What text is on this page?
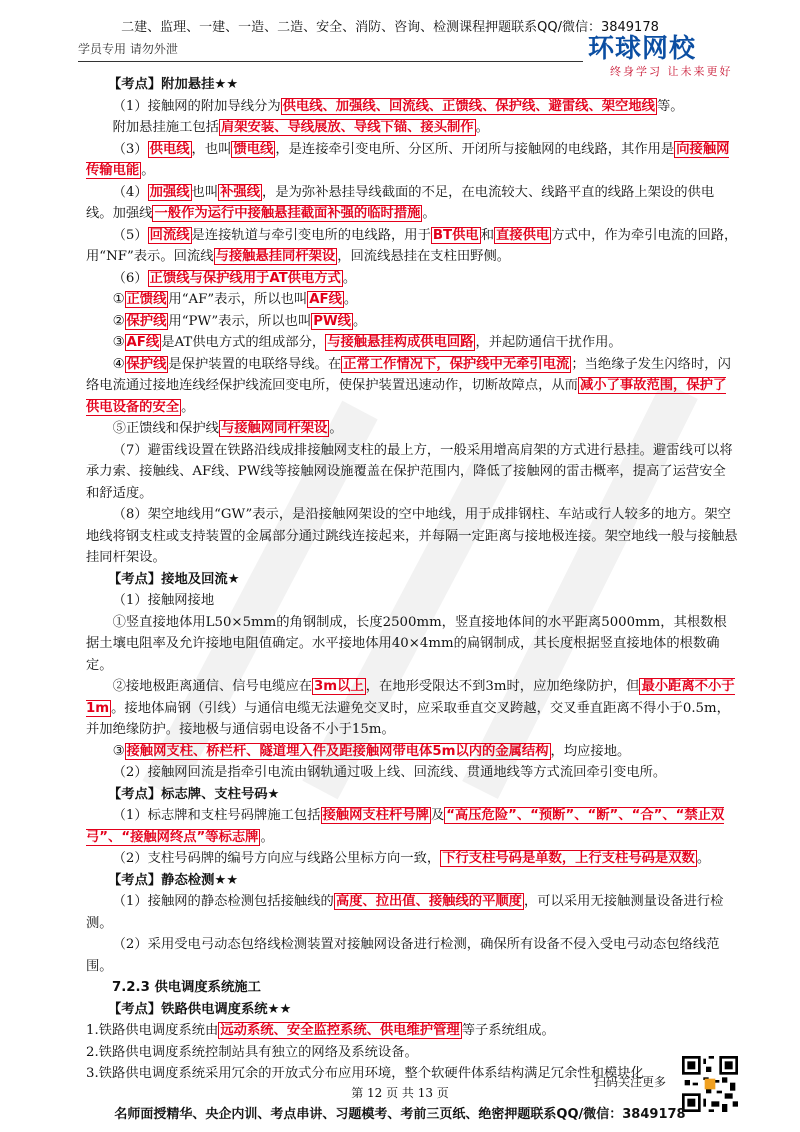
二建、监理、一建、一造、二造、安全、消防、咨询、检测课程押题联系QQ/微信：3849178
学员专用 请勿外泄	环球网校
终身学习 让未来更好

【考点】附加悬挂★★

（1）接触网的附加导线分为 供电线、加强线、回流线、正馈线、保护线、避雷线、架空地线 等。

附加悬挂施工包括 肩架安装、导线展放、导线下锚、接头制作 。

（3） 供电线 ，也叫 馈电线 ，是连接牵引变电所、分区所、开闭所与接触网的电线路，其作用是 向接触网传输电能 。

（4） 加强线 也叫 补强线 ，是为弥补悬挂导线截面的不足，在电流较大、线路平直的线路上架设的供电线。加强线 一般作为运行中接触悬挂截面补强的临时措施 。

（5） 回流线 是连接轨道与牵引变电所的电线路，用于 BT供电 和 直接供电 方式中，作为牵引电流的回路，用“NF”表示。回流线 与接触悬挂同杆架设 ，回流线悬挂在支柱田野侧。

（6） 正馈线与保护线用于AT供电方式 。

① 正馈线 用“AF”表示，所以也叫 AF线 。

② 保护线 用“PW”表示，所以也叫 PW线 。

③ AF线 是AT供电方式的组成部分， 与接触悬挂构成供电回路 ，并起防通信干扰作用。

④ 保护线 是保护装置的电联络导线。在 正常工作情况下，保护线中无牵引电流 ；当绝缘子发生闪络时，闪络电流通过接地连线经保护线流回变电所，使保护装置迅速动作，切断故障点，从而 减小了事故范围，保护了供电设备的安全 。

⑤正馈线和保护线 与接触网同杆架设 。

（7）避雷线设置在铁路沿线成排接触网支柱的最上方，一般采用增高肩架的方式进行悬挂。避雷线可以将承力索、接触线、AF线、PW线等接触网设施覆盖在保护范围内，降低了接触网的雷击概率，提高了运营安全和舒适度。

（8）架空地线用“GW”表示，是沿接触网架设的空中地线，用于成排钢柱、车站或行人较多的地方。架空地线将钢支柱或支持装置的金属部分通过跳线连接起来，并每隔一定距离与接地极连接。架空地线一般与接触悬挂同杆架设。

【考点】接地及回流★

（1）接触网接地

①竖直接地体用L50×5mm的角钢制成，长度2500mm，竖直接地体间的水平距离5000mm，其根数根据土壤电阻率及允许接地电阻值确定。水平接地体用40×4mm的扁钢制成，其长度根据竖直接地体的根数确定。

②接地极距离通信、信号电缆应在 3m以上 ，在地形受限达不到3m时，应加绝缘防护，但 最小距离不小于1m 。接地体扁钢（引线）与通信电缆无法避免交叉时，应采取垂直交叉跨越，交叉垂直距离不得小于0.5m，并加绝缘防护。接地极与通信弱电设备不小于15m。

③ 接触网支柱、桥栏杆、隧道埋入件及距接触网带电体5m以内的金属结构 ，均应接地。

（2）接触网回流是指牵引电流由钢轨通过吸上线、回流线、贯通地线等方式流回牵引变电所。

【考点】标志牌、支柱号码★

（1）标志牌和支柱号码牌施工包括 接触网支柱杆号牌 及 “高压危险”、“预断”、“断”、“合”、“禁止双弓”、“接触网终点”等标志牌 。

（2）支柱号码牌的编号方向应与线路公里标方向一致， 下行支柱号码是单数，上行支柱号码是双数 。

【考点】静态检测★★

（1）接触网的静态检测包括接触线的 高度、拉出值、接触线的平顺度 ，可以采用无接触测量设备进行检测。

（2）采用受电弓动态包络线检测装置对接触网设备进行检测，确保所有设备不侵入受电弓动态包络线范围。

7.2.3 供电调度系统施工

【考点】铁路供电调度系统★★

1.铁路供电调度系统由 远动系统、安全监控系统、供电维护管理 等子系统组成。

2.铁路供电调度系统控制站具有独立的网络及系统设备。

3.铁路供电调度系统采用冗余的开放式分布应用环境，整个软硬件体系结构满足冗余性和模块化

扫码关注更多
第 12 页 共 13 页
名师面授精华、央企内训、考点串讲、习题模考、考前三页纸、绝密押题联系QQ/微信：3849178
